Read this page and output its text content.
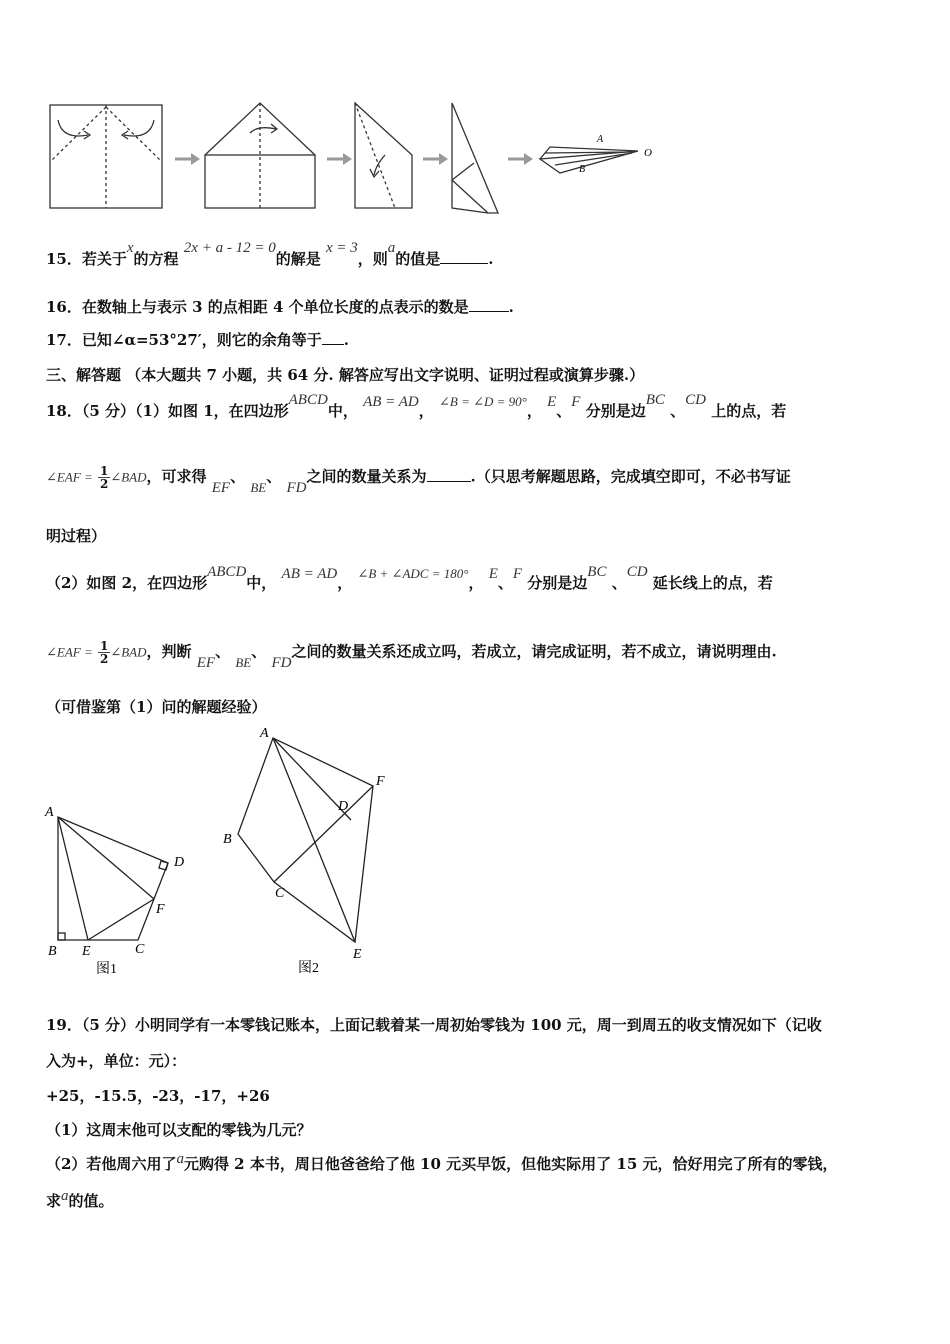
A
B
O
15．若关于x的方程 2x + a - 12 = 0的解是 x = 3，则a的值是	.
16．在数轴上与表示 3 的点相距 4 个单位长度的点表示的数是	.
17．已知∠α=53°27′，则它的余角等于 .
三、解答题 （本大题共 7 小题，共 64 分. 解答应写出文字说明、证明过程或演算步骤.）
18．（5 分）（1）如图 1，在四边形ABCD中， AB = AD， ∠B = ∠D = 90°， E、F 分别是边BC 、CD 上的点，若
∠EAF = $\frac{1}{2}$ ∠BAD，可求得 EF、 BE、 FD之间的数量关系为	.（只思考解题思路，完成填空即可，不必书写证
明过程）
（2）如图 2，在四边形ABCD中， AB = AD， ∠B + ∠ADC = 180°， E、F 分别是边BC 、CD 延长线上的点，若
∠EAF = $\frac{1}{2}$ ∠BAD，判断 EF、 BE、 FD之间的数量关系还成立吗，若成立，请完成证明，若不成立，请说明理由.
（可借鉴第（1）问的解题经验）
A
B E	C
D
F
图1
A
B
C
D
F
E
图2
19．（5 分）小明同学有一本零钱记账本，上面记载着某一周初始零钱为 100 元，周一到周五的收支情况如下（记收
入为+，单位：元）：
+25，-15.5，-23，-17，+26
（1）这周末他可以支配的零钱为几元？
（2）若他周六用了a元购得 2 本书，周日他爸爸给了他 10 元买早饭，但他实际用了 15 元，恰好用完了所有的零钱，
求a的值。
